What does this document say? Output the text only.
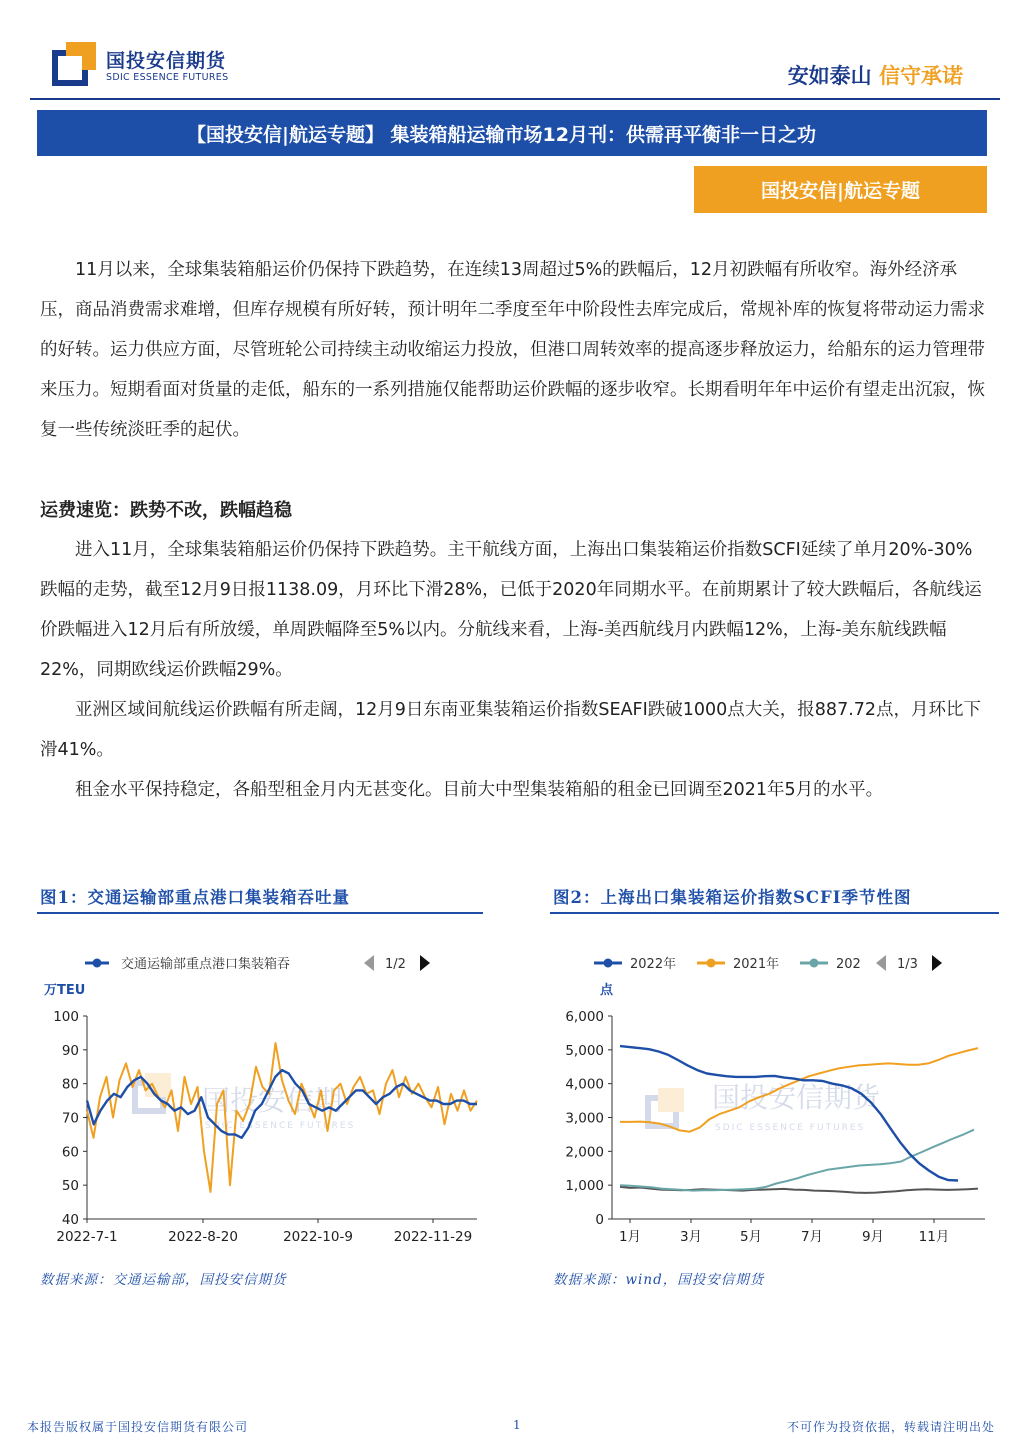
国投安信期货
SDIC ESSENCE FUTURES	安如泰山 信守承诺
【国投安信|航运专题】 集装箱船运输市场12月刊：供需再平衡非一日之功
国投安信|航运专题
11月以来，全球集装箱船运价仍保持下跌趋势，在连续13周超过5%的跌幅后，12月初跌幅有所收窄。海外经济承压，商品消费需求难增，但库存规模有所好转，预计明年二季度至年中阶段性去库完成后，常规补库的恢复将带动运力需求的好转。运力供应方面，尽管班轮公司持续主动收缩运力投放，但港口周转效率的提高逐步释放运力，给船东的运力管理带来压力。短期看面对货量的走低，船东的一系列措施仅能帮助运价跌幅的逐步收窄。长期看明年年中运价有望走出沉寂，恢复一些传统淡旺季的起伏。
运费速览：跌势不改，跌幅趋稳
进入11月，全球集装箱船运价仍保持下跌趋势。主干航线方面，上海出口集装箱运价指数SCFI延续了单月20%-30%跌幅的走势，截至12月9日报1138.09，月环比下滑28%，已低于2020年同期水平。在前期累计了较大跌幅后，各航线运价跌幅进入12月后有所放缓，单周跌幅降至5%以内。分航线来看，上海-美西航线月内跌幅12%，上海-美东航线跌幅22%，同期欧线运价跌幅29%。
亚洲区域间航线运价跌幅有所走阔，12月9日东南亚集装箱运价指数SEAFI跌破1000点大关，报887.72点，月环比下滑41%。
租金水平保持稳定，各船型租金月内无甚变化。目前大中型集装箱船的租金已回调至2021年5月的水平。
图1：交通运输部重点港口集装箱吞吐量
国投安信期
SDIC ESSENCE FUTURES
交通运输部重点港口集装箱吞	1/2
万TEU
40
50
60
70
80
90
100
2022-7-1	2022-8-20	2022-10-9	2022-11-29
数据来源：交通运输部，国投安信期货
图2：上海出口集装箱运价指数SCFI季节性图
国投安信期货
SDIC ESSENCE FUTURES
2022年	2021年	202	1/3
点
0
1,000
2,000
3,000
4,000
5,000
6,000
1月	3月	5月	7月	9月	11月
数据来源：wind，国投安信期货
本报告版权属于国投安信期货有限公司	1	不可作为投资依据，转载请注明出处
